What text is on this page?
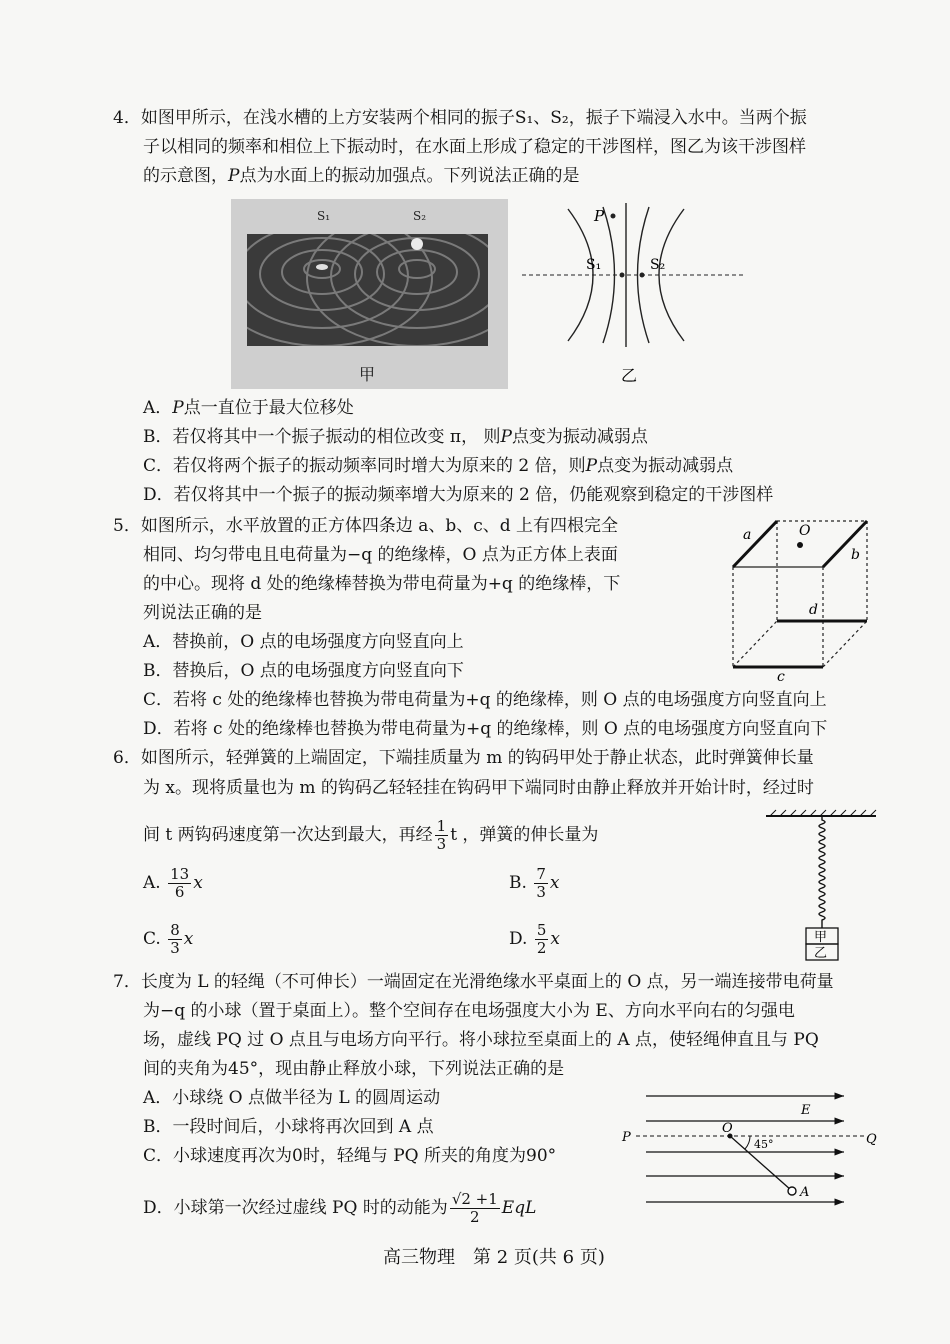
4．如图甲所示，在浅水槽的上方安装两个相同的振子S₁、S₂，振子下端浸入水中。当两个振
子以相同的频率和相位上下振动时，在水面上形成了稳定的干涉图样，图乙为该干涉图样
的示意图，P点为水面上的振动加强点。下列说法正确的是
S₁	S₂
甲
P
S₁	S₂
乙
A．P点一直位于最大位移处
B．若仅将其中一个振子振动的相位改变 π， 则P点变为振动减弱点
C．若仅将两个振子的振动频率同时增大为原来的 2 倍，则P点变为振动减弱点
D．若仅将其中一个振子的振动频率增大为原来的 2 倍，仍能观察到稳定的干涉图样
5．如图所示，水平放置的正方体四条边 a、b、c、d 上有四根完全
相同、均匀带电且电荷量为−q 的绝缘棒，O 点为正方体上表面
的中心。现将 d 处的绝缘棒替换为带电荷量为+q 的绝缘棒，下
列说法正确的是
A．替换前，O 点的电场强度方向竖直向上
B．替换后，O 点的电场强度方向竖直向下
a
b
c
d
O
C．若将 c 处的绝缘棒也替换为带电荷量为+q 的绝缘棒，则 O 点的电场强度方向竖直向上
D．若将 c 处的绝缘棒也替换为带电荷量为+q 的绝缘棒，则 O 点的电场强度方向竖直向下
6．如图所示，轻弹簧的上端固定，下端挂质量为 m 的钩码甲处于静止状态，此时弹簧伸长量
为 x。现将质量也为 m 的钩码乙轻轻挂在钩码甲下端同时由静止释放并开始计时，经过时
间 t 两钩码速度第一次达到最大，再经 $\frac{1}{3}$ t ，弹簧的伸长量为
A. $\frac{13}{6}$ x	B. $\frac{7}{3}$ x
C. $\frac{8}{3}$ x	D. $\frac{5}{2}$ x	甲
乙
7．长度为 L 的轻绳（不可伸长）一端固定在光滑绝缘水平桌面上的 O 点，另一端连接带电荷量
为−q 的小球（置于桌面上）。整个空间存在电场强度大小为 E、方向水平向右的匀强电
场，虚线 PQ 过 O 点且与电场方向平行。将小球拉至桌面上的 A 点，使轻绳伸直且与 PQ
间的夹角为45°，现由静止释放小球，下列说法正确的是
A．小球绕 O 点做半径为 L 的圆周运动
B．一段时间后，小球将再次回到 A 点
C．小球速度再次为0时，轻绳与 PQ 所夹的角度为90°
D．小球第一次经过虚线 PQ 时的动能为 $\frac{√2 +1}{2}$ EqL
E
P	Q
O
A
45°
高三物理　第 2 页(共 6 页)
